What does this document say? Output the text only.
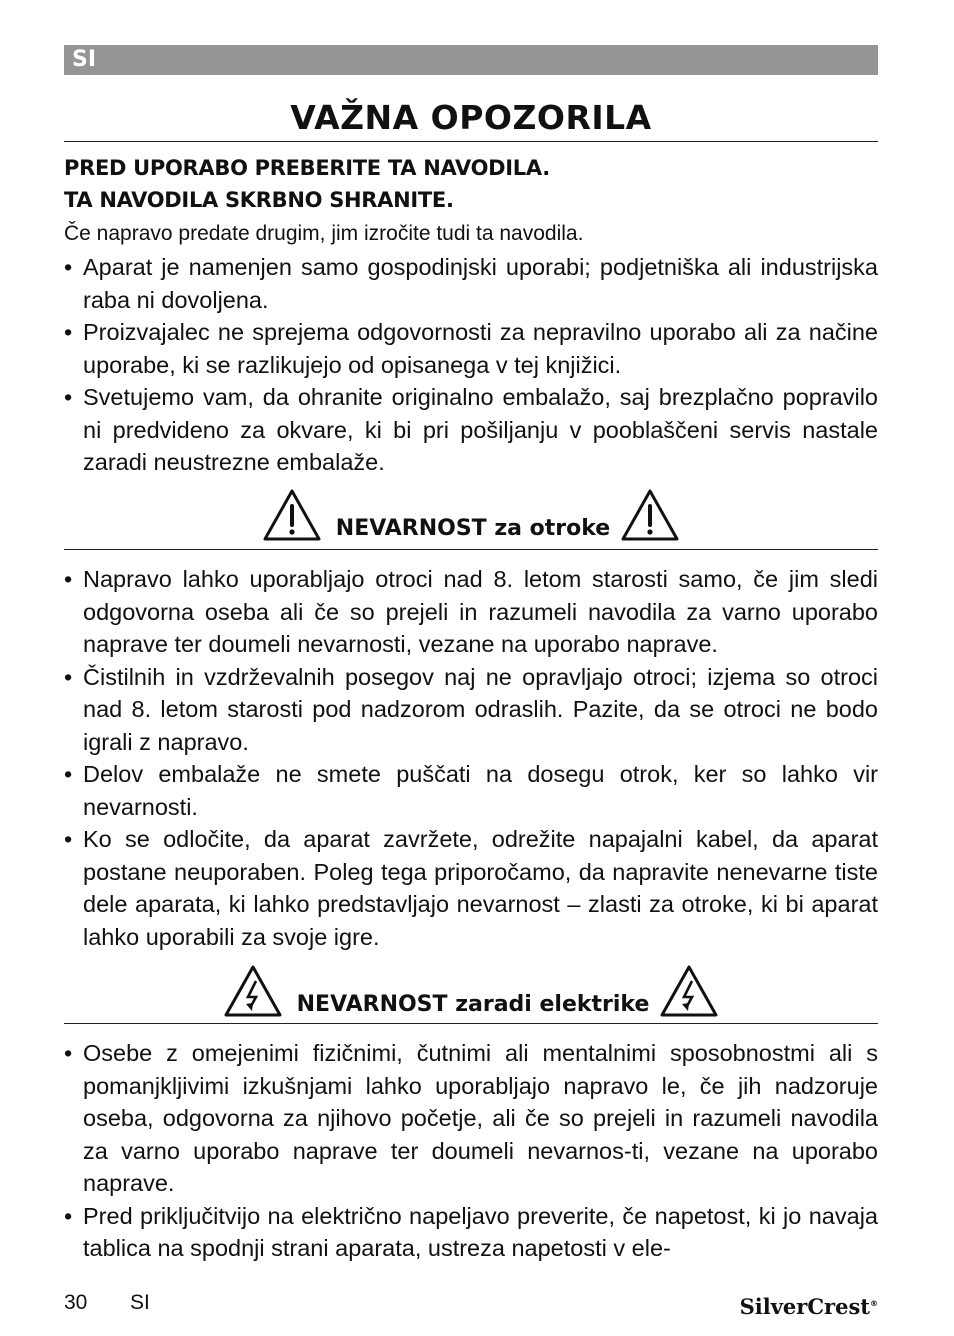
SI
VAŽNA OPOZORILA

PRED UPORABO PREBERITE TA NAVODILA.

TA NAVODILA SKRBNO SHRANITE.

Če napravo predate drugim, jim izročite tudi ta navodila.

• Aparat je namenjen samo gospodinjski uporabi; podjetniška ali industrijska raba ni dovoljena.
• Proizvajalec ne sprejema odgovornosti za nepravilno uporabo ali za načine uporabe, ki se razlikujejo od opisanega v tej knjižici.
• Svetujemo vam, da ohranite originalno embalažo, saj brezplačno popravilo ni predvideno za okvare, ki bi pri pošiljanju v pooblaščeni servis nastale zaradi neustrezne embalaže.
NEVARNOST za otroke
• Napravo lahko uporabljajo otroci nad 8. letom starosti samo, če jim sledi odgovorna oseba ali če so prejeli in razumeli navodila za varno uporabo naprave ter doumeli nevarnosti, vezane na uporabo naprave.
• Čistilnih in vzdrževalnih posegov naj ne opravljajo otroci; izjema so otroci nad 8. letom starosti pod nadzorom odraslih. Pazite, da se otroci ne bodo igrali z napravo.
• Delov embalaže ne smete puščati na dosegu otrok, ker so lahko vir nevarnosti.
• Ko se odločite, da aparat zavržete, odrežite napajalni kabel, da aparat postane neuporaben. Poleg tega priporočamo, da napravite nenevarne tiste dele aparata, ki lahko predstavljajo nevarnost – zlasti za otroke, ki bi aparat lahko uporabili za svoje igre.
NEVARNOST zaradi elektrike
• Osebe z omejenimi fizičnimi, čutnimi ali mentalnimi sposobnostmi ali s pomanjkljivimi izkušnjami lahko uporabljajo napravo le, če jih nadzoruje oseba, odgovorna za njihovo početje, ali če so prejeli in razumeli navodila za varno uporabo naprave ter doumeli nevarnos-ti, vezane na uporabo naprave.
• Pred priključitvijo na električno napeljavo preverite, če napetost, ki jo navaja tablica na spodnji strani aparata, ustreza napetosti v ele-
30 SI	SilverCrest®
